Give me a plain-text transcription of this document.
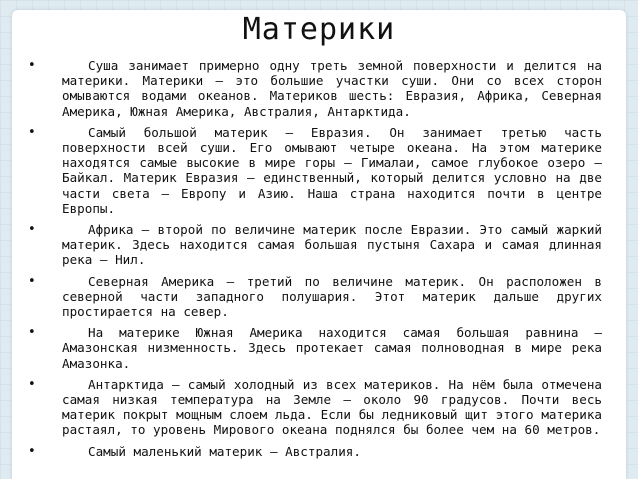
Материки
•	Суша занимает примерно одну треть земной поверхности и делится на материки. Материки — это большие участки суши. Они со всех сторон омываются водами океанов. Материков шесть: Евразия, Африка, Северная Америка, Южная Америка, Австралия, Антарктида.
•	Самый большой материк — Евразия. Он занимает третью часть поверхности всей суши. Его омывают четыре океана. На этом материке находятся самые высокие в мире горы — Гималаи, самое глубокое озеро — Байкал. Материк Евразия — единственный, который делится условно на две части света — Европу и Азию. Наша страна находится почти в центре Европы.
•	Африка — второй по величине материк после Евразии. Это самый жаркий материк. Здесь находится самая большая пустыня Сахара и самая длинная река — Нил.
•	Северная Америка — третий по величине материк. Он расположен в северной части западного полушария. Этот материк дальше других простирается на север.
•	На материке Южная Америка находится самая большая равнина — Амазонская низменность. Здесь протекает самая полноводная в мире река Амазонка.
•	Антарктида — самый холодный из всех материков. На нём была отмечена самая низкая температура на Земле — около 90 градусов. Почти весь материк покрыт мощным слоем льда. Если бы ледниковый щит этого материка растаял, то уровень Мирового океана поднялся бы более чем на 60 метров.
•	Самый маленький материк — Австралия.
